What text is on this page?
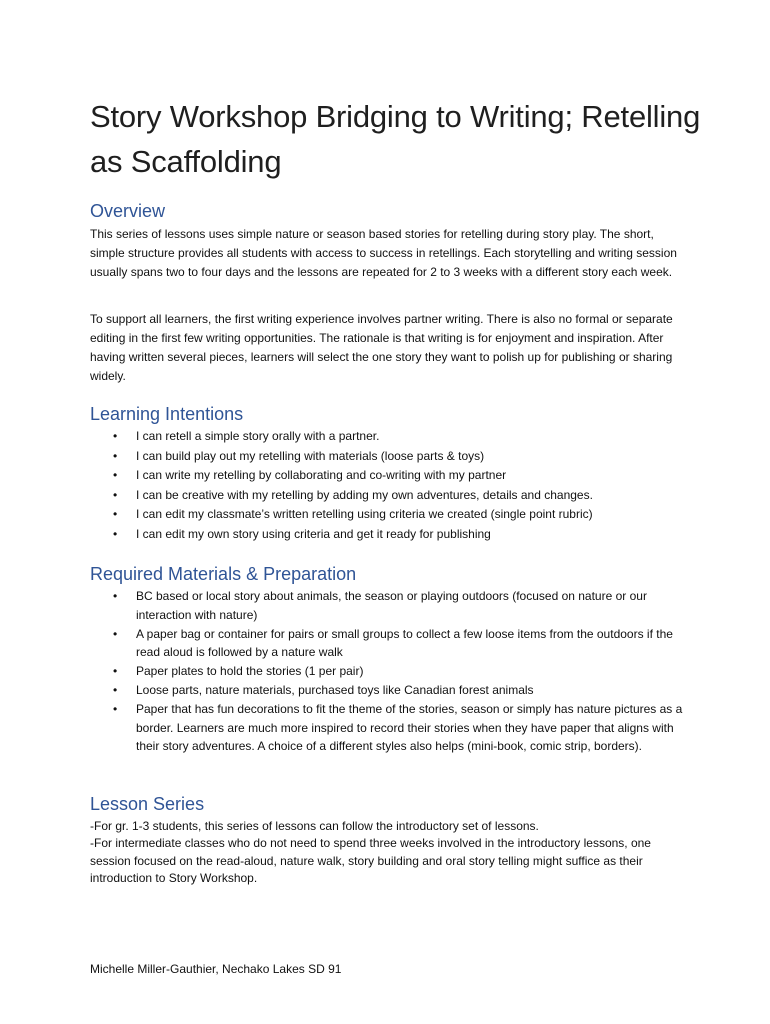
Story Workshop Bridging to Writing; Retelling as Scaffolding
Overview

This series of lessons uses simple nature or season based stories for retelling during story play. The short, simple structure provides all students with access to success in retellings. Each storytelling and writing session usually spans two to four days and the lessons are repeated for 2 to 3 weeks with a different story each week.

To support all learners, the first writing experience involves partner writing. There is also no formal or separate editing in the first few writing opportunities. The rationale is that writing is for enjoyment and inspiration. After having written several pieces, learners will select the one story they want to polish up for publishing or sharing widely.

Learning Intentions
• I can retell a simple story orally with a partner.
• I can build play out my retelling with materials (loose parts & toys)
• I can write my retelling by collaborating and co-writing with my partner
• I can be creative with my retelling by adding my own adventures, details and changes.
• I can edit my classmate’s written retelling using criteria we created (single point rubric)
• I can edit my own story using criteria and get it ready for publishing
Required Materials & Preparation
• BC based or local story about animals, the season or playing outdoors (focused on nature or our interaction with nature)
• A paper bag or container for pairs or small groups to collect a few loose items from the outdoors if the read aloud is followed by a nature walk
• Paper plates to hold the stories (1 per pair)
• Loose parts, nature materials, purchased toys like Canadian forest animals
• Paper that has fun decorations to fit the theme of the stories, season or simply has nature pictures as a border. Learners are much more inspired to record their stories when they have paper that aligns with their story adventures. A choice of a different styles also helps (mini-book, comic strip, borders).
Lesson Series

-For gr. 1-3 students, this series of lessons can follow the introductory set of lessons.

-For intermediate classes who do not need to spend three weeks involved in the introductory lessons, one session focused on the read-aloud, nature walk, story building and oral story telling might suffice as their introduction to Story Workshop.

Michelle Miller-Gauthier, Nechako Lakes SD 91
